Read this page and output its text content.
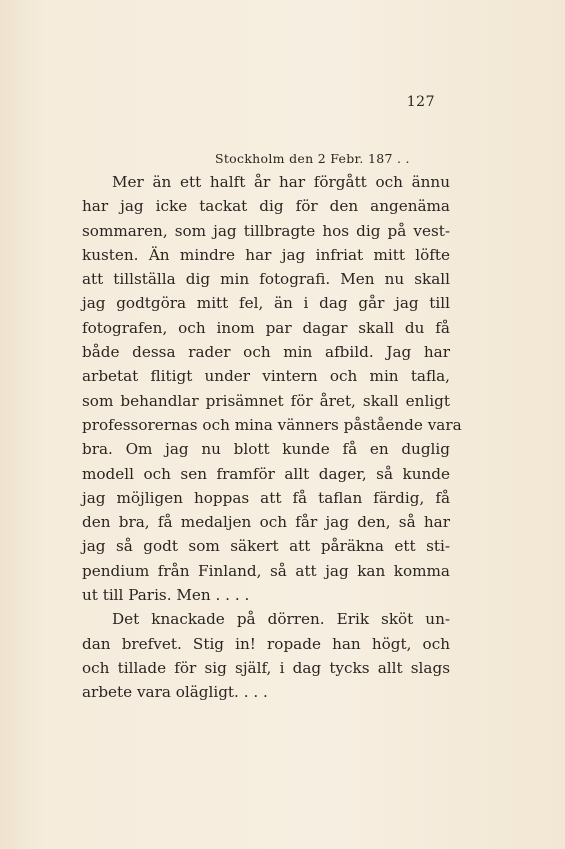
127
Stockholm den 2 Febr. 187 . .
Mer än ett halft år har förgått och ännu
har jag icke tackat dig för den angenäma
sommaren, som jag tillbragte hos dig på vest-
kusten. Än mindre har jag infriat mitt löfte
att tillställa dig min fotografi. Men nu skall
jag godtgöra mitt fel, än i dag går jag till
fotografen, och inom par dagar skall du få
både dessa rader och min afbild. Jag har
arbetat flitigt under vintern och min tafla,
som behandlar prisämnet för året, skall enligt
professorernas och mina vänners påstående vara
bra. Om jag nu blott kunde få en duglig
modell och sen framför allt dager, så kunde
jag möjligen hoppas att få taflan färdig, få
den bra, få medaljen och får jag den, så har
jag så godt som säkert att påräkna ett sti-
pendium från Finland, så att jag kan komma
ut till Paris. Men . . . .
Det knackade på dörren. Erik sköt un-
dan brefvet. Stig in! ropade han högt, och
och tillade för sig själf, i dag tycks allt slags
arbete vara olägligt. . . .
